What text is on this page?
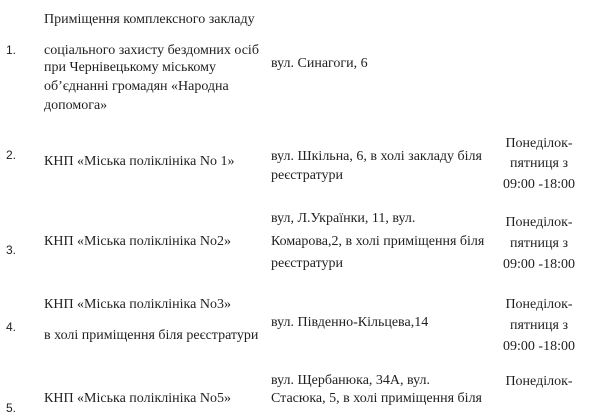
1.
Приміщення комплексного закладу
соціального захисту бездомних осіб
при Чернівецькому міському
об’єднанні громадян «Народна
допомога»
вул. Синагоги, 6
2. КНП «Міська поліклініка No 1»	вул. Шкільна, 6, в холі закладу біля
реєстратури
Понеділок-
пятниця з
09:00 -18:00
3.
КНП «Міська поліклініка No2»
вул, Л.Українки, 11, вул.
Комарова,2, в холі приміщення біля
реєстратури
Понеділок-
пятниця з
09:00 -18:00
4.
КНП «Міська поліклініка No3»
в холі приміщення біля реєстратури
вул. Південно-Кільцева,14
Понеділок-
пятниця з
09:00 -18:00
5.
КНП «Міська поліклініка No5»
вул. Щербанюка, 34А, вул.
Стасюка, 5, в холі приміщення біля
Понеділок-
